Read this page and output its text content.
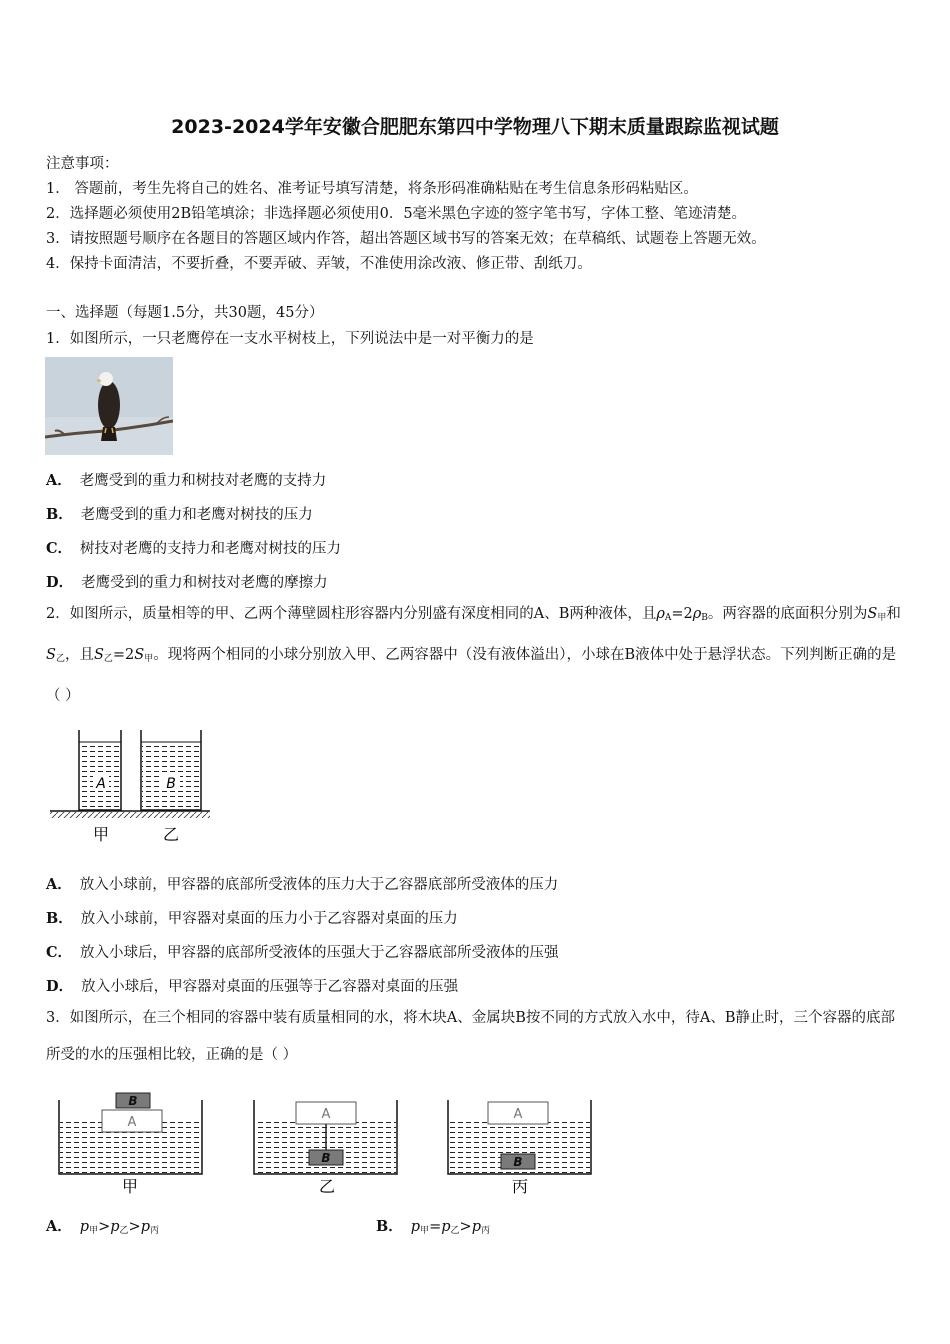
2023-2024学年安徽合肥肥东第四中学物理八下期末质量跟踪监视试题
注意事项：
1． 答题前，考生先将自己的姓名、准考证号填写清楚，将条形码准确粘贴在考生信息条形码粘贴区。
2．选择题必须使用2B铅笔填涂；非选择题必须使用0．5毫米黑色字迹的签字笔书写，字体工整、笔迹清楚。
3．请按照题号顺序在各题目的答题区域内作答，超出答题区域书写的答案无效；在草稿纸、试题卷上答题无效。
4．保持卡面清洁，不要折叠，不要弄破、弄皱，不准使用涂改液、修正带、刮纸刀。
一、选择题（每题1.5分，共30题，45分）
1．如图所示，一只老鹰停在一支水平树枝上，下列说法中是一对平衡力的是
A． 老鹰受到的重力和树技对老鹰的支持力
B． 老鹰受到的重力和老鹰对树技的压力
C． 树技对老鹰的支持力和老鹰对树技的压力
D． 老鹰受到的重力和树技对老鹰的摩擦力
2．如图所示，质量相等的甲、乙两个薄壁圆柱形容器内分别盛有深度相同的A、B两种液体，且$\rho_A=2\rho_B$。两容器的底面积分别为$S_甲$和$S_乙$，且$S_乙=2S_甲$。现将两个相同的小球分别放入甲、乙两容器中（没有液体溢出），小球在B液体中处于悬浮状态。下列判断正确的是（ ）
A	B
甲	乙
A． 放入小球前，甲容器的底部所受液体的压力大于乙容器底部所受液体的压力
B． 放入小球前，甲容器对桌面的压力小于乙容器对桌面的压力
C． 放入小球后，甲容器的底部所受液体的压强大于乙容器底部所受液体的压强
D． 放入小球后，甲容器对桌面的压强等于乙容器对桌面的压强
3．如图所示，在三个相同的容器中装有质量相同的水，将木块A、金属块B按不同的方式放入水中，待A、B静止时，三个容器的底部所受的水的压强相比较，正确的是（ ）
A
B
甲
A
B
乙
A
B
丙
A． $p_甲>p_乙>p_丙$	B． $p_甲=p_乙>p_丙$
